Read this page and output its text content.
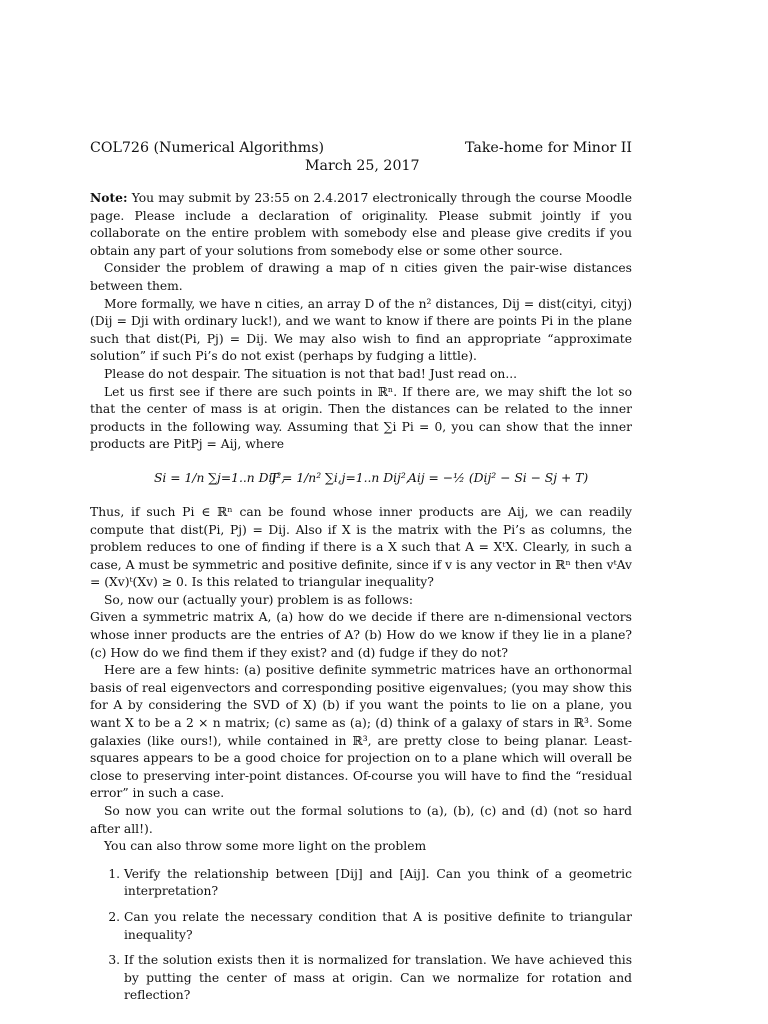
COL726 (Numerical Algorithms)	Take-home for Minor II
March 25, 2017

Note: You may submit by 23:55 on 2.4.2017 electronically through the course Moodle page. Please include a declaration of originality. Please submit jointly if you collaborate on the entire problem with somebody else and please give credits if you obtain any part of your solutions from somebody else or some other source.

Consider the problem of drawing a map of n cities given the pair-wise distances between them.

More formally, we have n cities, an array D of the n² distances, Dij = dist(cityi, cityj) (Dij = Dji with ordinary luck!), and we want to know if there are points Pi in the plane such that dist(Pi, Pj) = Dij. We may also wish to find an appropriate “approximate solution” if such Pi’s do not exist (perhaps by fudging a little).

Please do not despair. The situation is not that bad! Just read on...

Let us first see if there are such points in ℝⁿ. If there are, we may shift the lot so that the center of mass is at origin. Then the distances can be related to the inner products in the following way. Assuming that ∑i Pi = 0, you can show that the inner products are PitPj = Aij, where

Si = 1/n ∑j=1..n Dij²,
T = 1/n² ∑i,j=1..n Dij²,
Aij = −½ (Dij² − Si − Sj + T)

Thus, if such Pi ∈ ℝⁿ can be found whose inner products are Aij, we can readily compute that dist(Pi, Pj) = Dij. Also if X is the matrix with the Pi’s as columns, the problem reduces to one of finding if there is a X such that A = XᵗX. Clearly, in such a case, A must be symmetric and positive definite, since if v is any vector in ℝⁿ then vᵗAv = (Xv)ᵗ(Xv) ≥ 0. Is this related to triangular inequality?

So, now our (actually your) problem is as follows:

Given a symmetric matrix A, (a) how do we decide if there are n-dimensional vectors whose inner products are the entries of A? (b) How do we know if they lie in a plane? (c) How do we find them if they exist? and (d) fudge if they do not?

Here are a few hints: (a) positive definite symmetric matrices have an orthonormal basis of real eigenvectors and corresponding positive eigenvalues; (you may show this for A by considering the SVD of X) (b) if you want the points to lie on a plane, you want X to be a 2 × n matrix; (c) same as (a); (d) think of a galaxy of stars in ℝ³. Some galaxies (like ours!), while contained in ℝ³, are pretty close to being planar. Least-squares appears to be a good choice for projection on to a plane which will overall be close to preserving inter-point distances. Of-course you will have to find the “residual error” in such a case.

So now you can write out the formal solutions to (a), (b), (c) and (d) (not so hard after all!).

You can also throw some more light on the problem

1. Verify the relationship between [Dij] and [Aij]. Can you think of a geometric interpretation?
2. Can you relate the necessary condition that A is positive definite to triangular inequality?
3. If the solution exists then it is normalized for translation. We have achieved this by putting the center of mass at origin. Can we normalize for rotation and reflection?
